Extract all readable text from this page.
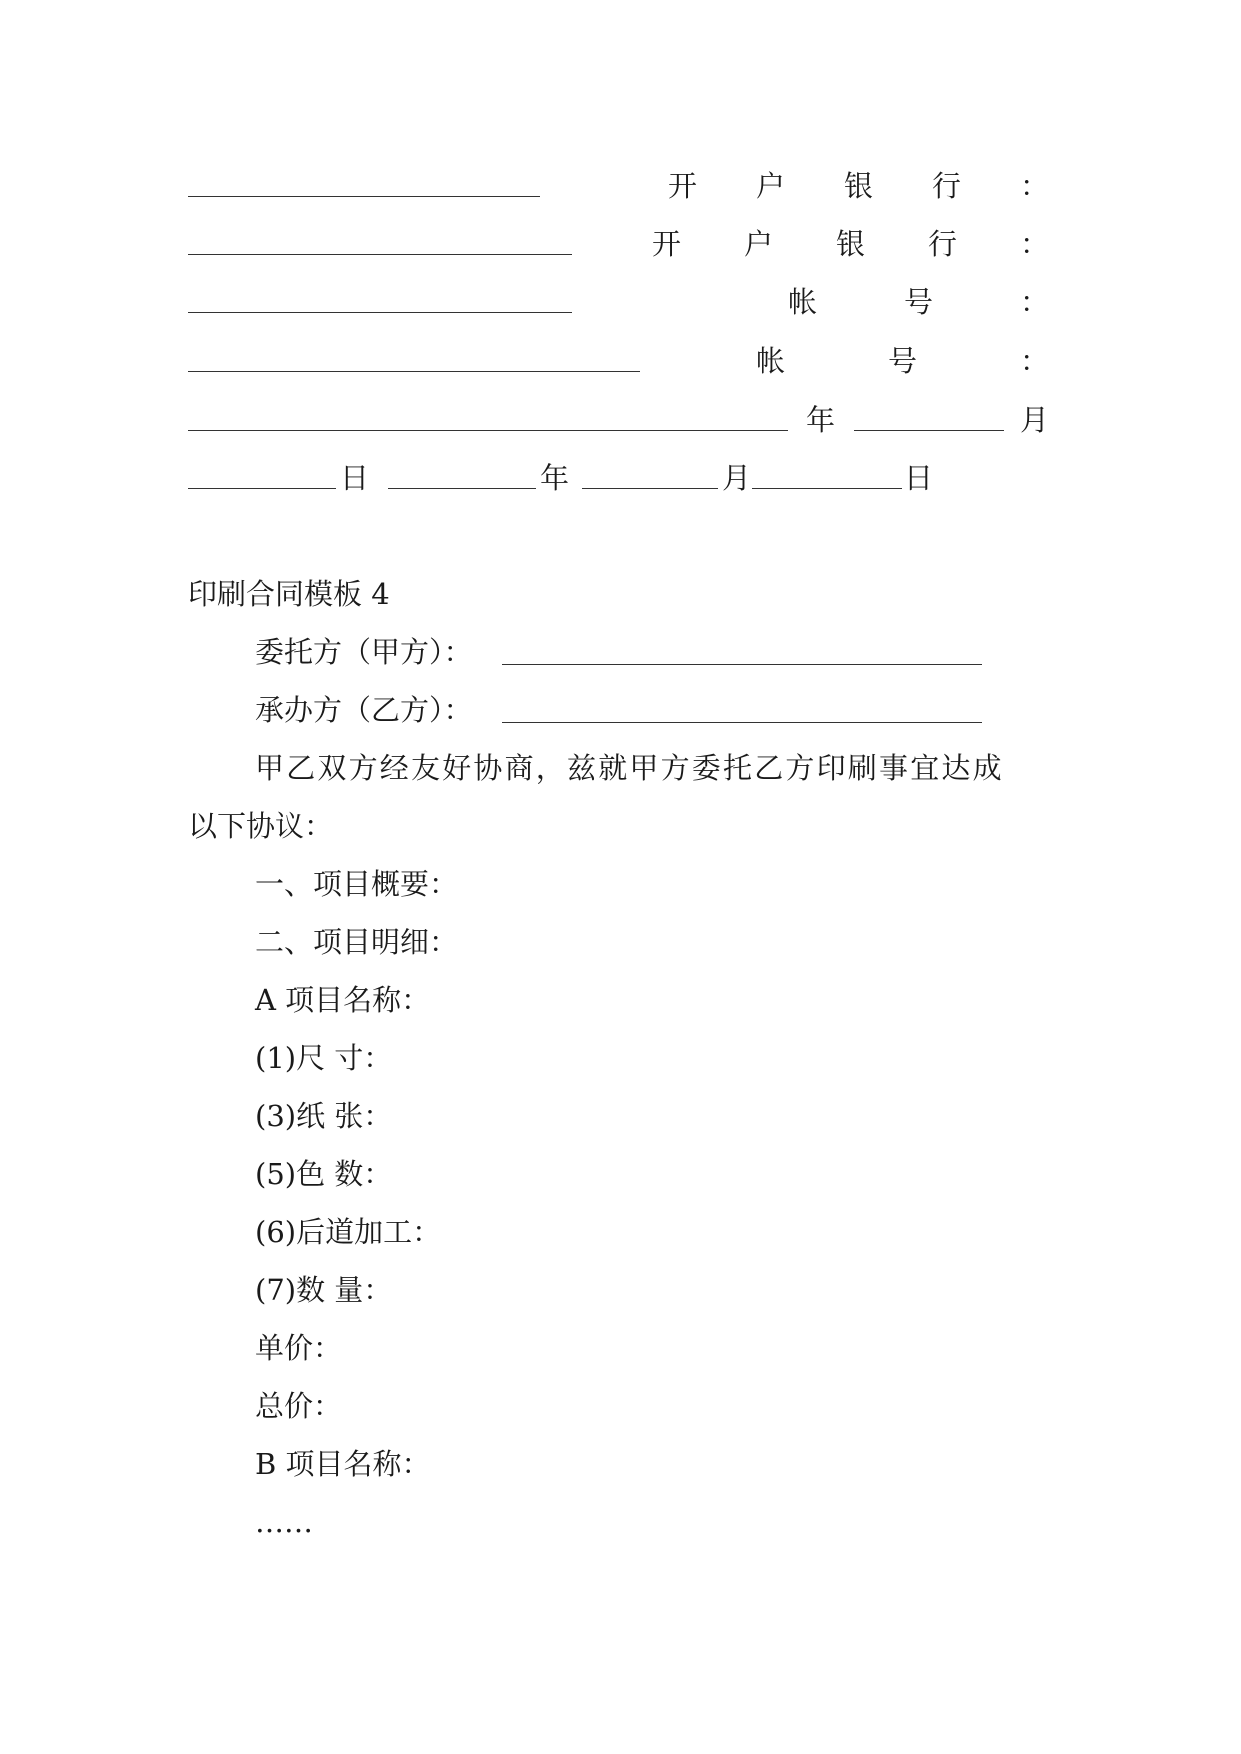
开 户 银 行 ：
开 户 银 行 ：
帐	号	：
帐	号	：
年	月
日	年	月	日
印刷合同模板 4
委托方（甲方）：
承办方（乙方）：
甲乙双方经友好协商，兹就甲方委托乙方印刷事宜达成
以下协议：
一、项目概要：
二、项目明细：
A 项目名称：
(1)尺 寸：
(3)纸 张：
(5)色 数：
(6)后道加工：
(7)数 量：
单价：
总价：
B 项目名称：
……
